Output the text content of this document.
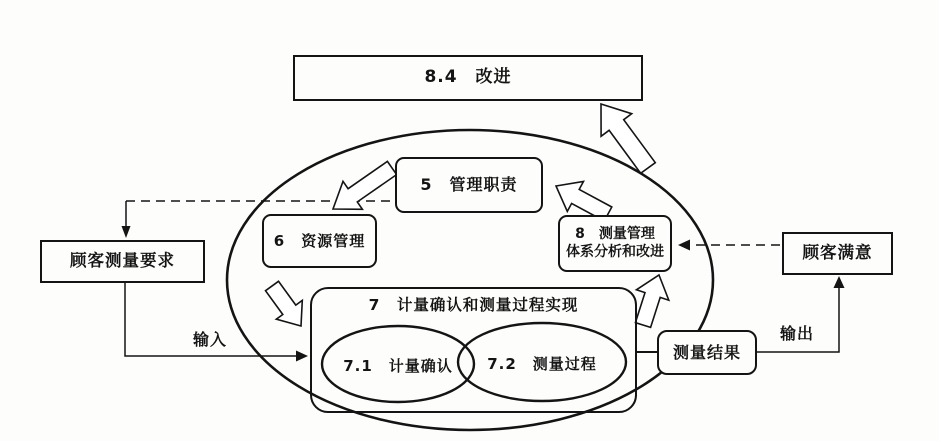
8.4　改进
5　管理职责
6　资源管理	8　测量管理
体系分析和改进
7　计量确认和测量过程实现
顾客测量要求	顾客满意
测量结果
7.1　计量确认	7.2　测量过程
输入	输出
